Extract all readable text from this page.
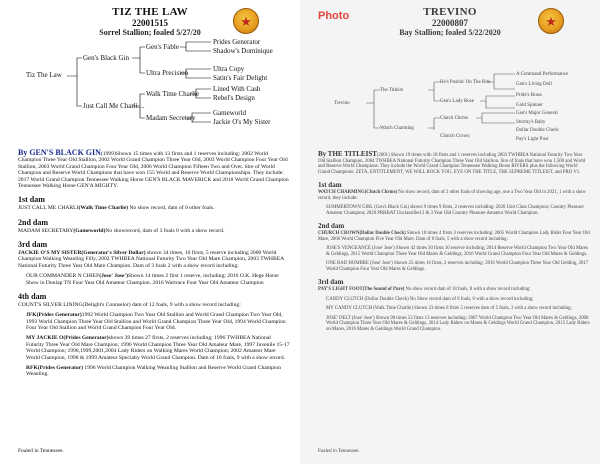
TIZ THE LAW
22001515
Sorrel Stallion; foaled 5/27/20
★
Tiz The Law
Gen's Black Gin
Just Call Me Charli....
Gen's Fable
Ultra Precision
Walk Time Charlie
Madam Secretary
Prides Generator
Shadow's Dominique
Ultra Copy
Satin's Fair Delight
Lined With Cash
Rebel's Design
Gameworld
Jackie O's My Sister
By GEN'S BLACK GIN(1999)Shown 15 times with 13 firsts and 1 reserves including: 2002 World Champion Three Year Old Stallion, 2002 World Grand Champion Three Year Old, 2003 World Champion Four Year Old Stallion, 2003 World Grand Champion Four Year Old, 2006 World Champion Fifteen Two and Over. Sire of World Champion and Reserve World Champions that have won 155 World and Reserve World Championships. They include: 2017 World Grand Champion Tennessee Walking Horse GEN'S BLACK MAVERICK and 2018 World Grand Champion Tennessee Walking Horse GEN'A MIGHTY.
1st dam
JUST CALL ME CHARLI(Walk Time Charlie) No show record, dam of 0 other foals.
2nd dam
MADAM SECRETARY(Gameworld)No showrecord, dam of 3 foals 0 with a show record.
3rd dam
JACKIE O'S MY SISTER(Generator's Silver Dollar) shown 34 times, 10 firsts, 5 reserve including 2000 World Champion Walking Weanling Filly, 2002 TWHBEA National Futurity Two Year Old Mare Champion, 2003 TWHBEA National Futurity Three Year Old Mare Champion. Dam of 3 foals 2 with a show record including:
OUR COMMANDER N CHIEF(Jose' Jose')Shown 14 times 2 first 1 reserve, including; 2016 O.K. Hege Horse Show in Dunlap TN Four Year Old Amateur Champion. 2016 Wartrace Four Year Old Amateur Champion
4th dam
COUNT'S SILVER LINING(Delight's Counselor) dam of 12 foals, 9 with a show record including:
JFK(Prides Generator)1992 World Champion Two Year Old Stallion and World Grand Champion Two Year Old, 1993 World Champion Three Year Old Stallion and World Grand Champion Three Year Old, 1994 World Champion Four Year Old Stallion and World Grand Champion Four Year Old.
MY JACKIE O(Prides Generator)shown 39 times 27 firsts, 2 reserves including; 1996 TWHBEA National Futurity Three Year Old Mare Champion; 1996 World Champion Three Year Old Amateur Mare, 1997 Juvenile 15-17 World Champion; 1998,1999,2001,2004 Lady Riders on Walking Mares World Champion; 2002 Amateur Mare World Champion, 1998 & 1999 Amateur Specialty World Grand Champion. Dam of 10 foals, 9 with a show record.
RFK(Prides Generator) 1996 World Champion Walking Weanling Stallion and Reserve World Grand Champion Weanling.
Foaled in Tennessee.
Photo	TREVINO
22000807
Bay Stallion; foaled 5/22/2020
★
Trevino
The Titleist
Watch Charming
He's Pushin' On The Rite
Gen's Lady Rose
Clutch Chrms
Church Crown
A Command Performance
Gen's Living Doll
Pride's Brass
Gold Spinner
Gen's Major General
Stormy's Baby
Dollar Double Check
Pay's Light Pusr
By THE TITLEIST(2001) Shown 19 times with 18 firsts and 1 reserves including 2003 TWHBEA National Futurity Two Year Old Stallion Champion, 2004 TWHBEA National Futurity Champion Three Year Old Stallion. Sire of foals that have won 1,500 and World and Reserve World Champions. They include the World Grand Champion Tennessee Walking Horse RIVERS plus the following World Grand Champions: ZETA, ENTITLEMENT, WE WILL ROCK YOU, EYE ON THE TITLE, THE SUPREME TITLEIST, and PRO V1.
1st dam
WATCH CHARMING(Clutch Chrms) No show record, dam of 2 other foals of showing age, one a Two Year Old in 2021, 1 with a show record, they include:
SUMMERTOWN GIRL (Gen's Black Gin) shown 9 times 9 firsts, 2 reserves including: 2020 Unit Class Champion; Country Pleasure Amateur Champion; 2020 PRHBAT Unclassified 2 & 3 Year Old Country Pleasure Amateur World Champion.
2nd dam
CHURCH CROWN(Dollar Double Check) Shown 10 times 4 firsts 3 reserves including: 2005 World Champion Lady Rider Four Year Old Mare, 2006 World Champion Five Year Old Mare. Dam of 8 foals, 5 with a show record including:
JOSE'S VENGEANCE (Jose' Jose') Shown 42 times 30 firsts 10 reserve including; 2014 Reserve World Champion Two Year Old Mares & Geldings, 2015 World Champion Three Year Old Mares & Geldings, 2016 World Grand Champion Four Year Old Mares & Geldings.
ONE BAD HOMBRE (Jose' Jose') Shown 25 times 16 firsts, 2 reserves including: 2016 World Champion Three Year Old Gelding, 2017 World Champion Four Year Old Mares & Geldings.
3rd dam
PAY'S LIGHT FOOT(The Sound of Pure) No show record dam of 18 foals, 8 with a show record including:
CANDY CLUTCH (Dollar Double Check) No Show record dam of 9 foals, 6 with a show record including;
MY CANDY CLUTCH (Walk Time Charlie) Shown 23 times 8 firsts 5 reserves dam of 5 foals, 3 with a show record including;
JOSE' DELT (Jose' Jose') Shown 90 times 53 firsts 13 reserves including: 2007 World Champion Two Year Old Mares & Geldings, 2008 World Champion Three Year Old Mares & Geldings, 2014 Lady Riders on Mares & Geldings World Grand Champion, 2015 Lady Riders on Mares, 2016 Mares & Geldings World Grand Champion.
Foaled in Tennessee.
